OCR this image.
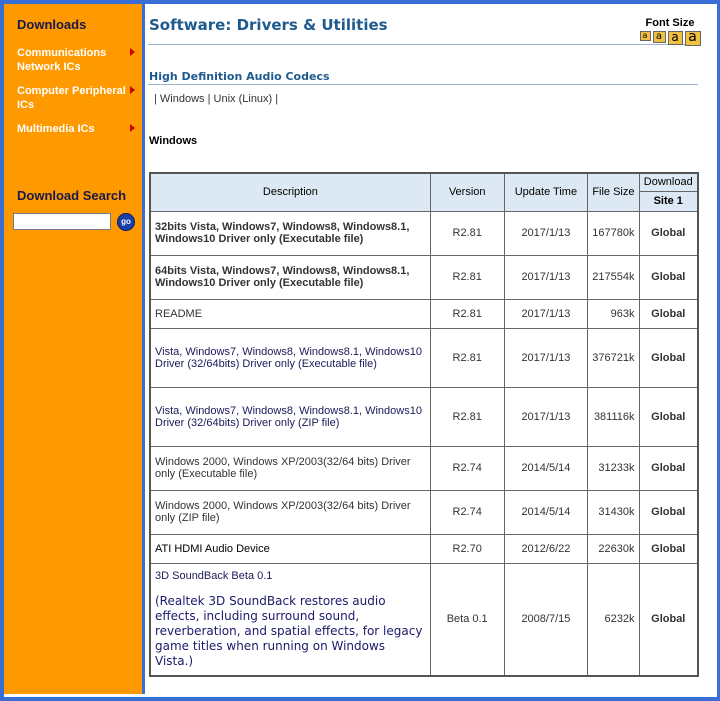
Downloads
Communications Network ICs
Computer Peripheral ICs
Multimedia ICs
Download Search
go
Software: Drivers & Utilities	Font Size
a a a a
High Definition Audio Codecs
| Windows | Unix (Linux) |
Windows
Description	Version	Update Time	File Size	Download
				Site 1
32bits Vista, Windows7, Windows8, Windows8.1, Windows10 Driver only (Executable file)	R2.81	2017/1/13	167780k	Global
64bits Vista, Windows7, Windows8, Windows8.1, Windows10 Driver only (Executable file)	R2.81	2017/1/13	217554k	Global
README	R2.81	2017/1/13	963k	Global
Vista, Windows7, Windows8, Windows8.1, Windows10 Driver (32/64bits) Driver only (Executable file)	R2.81	2017/1/13	376721k	Global
Vista, Windows7, Windows8, Windows8.1, Windows10 Driver (32/64bits) Driver only (ZIP file)	R2.81	2017/1/13	381116k	Global
Windows 2000, Windows XP/2003(32/64 bits) Driver only (Executable file)	R2.74	2014/5/14	31233k	Global
Windows 2000, Windows XP/2003(32/64 bits) Driver only (ZIP file)	R2.74	2014/5/14	31430k	Global
ATI HDMI Audio Device	R2.70	2012/6/22	22630k	Global
3D SoundBack Beta 0.1
(Realtek 3D SoundBack restores audio effects, including surround sound, reverberation, and spatial effects, for legacy game titles when running on Windows Vista.)	Beta 0.1	2008/7/15	6232k	Global
